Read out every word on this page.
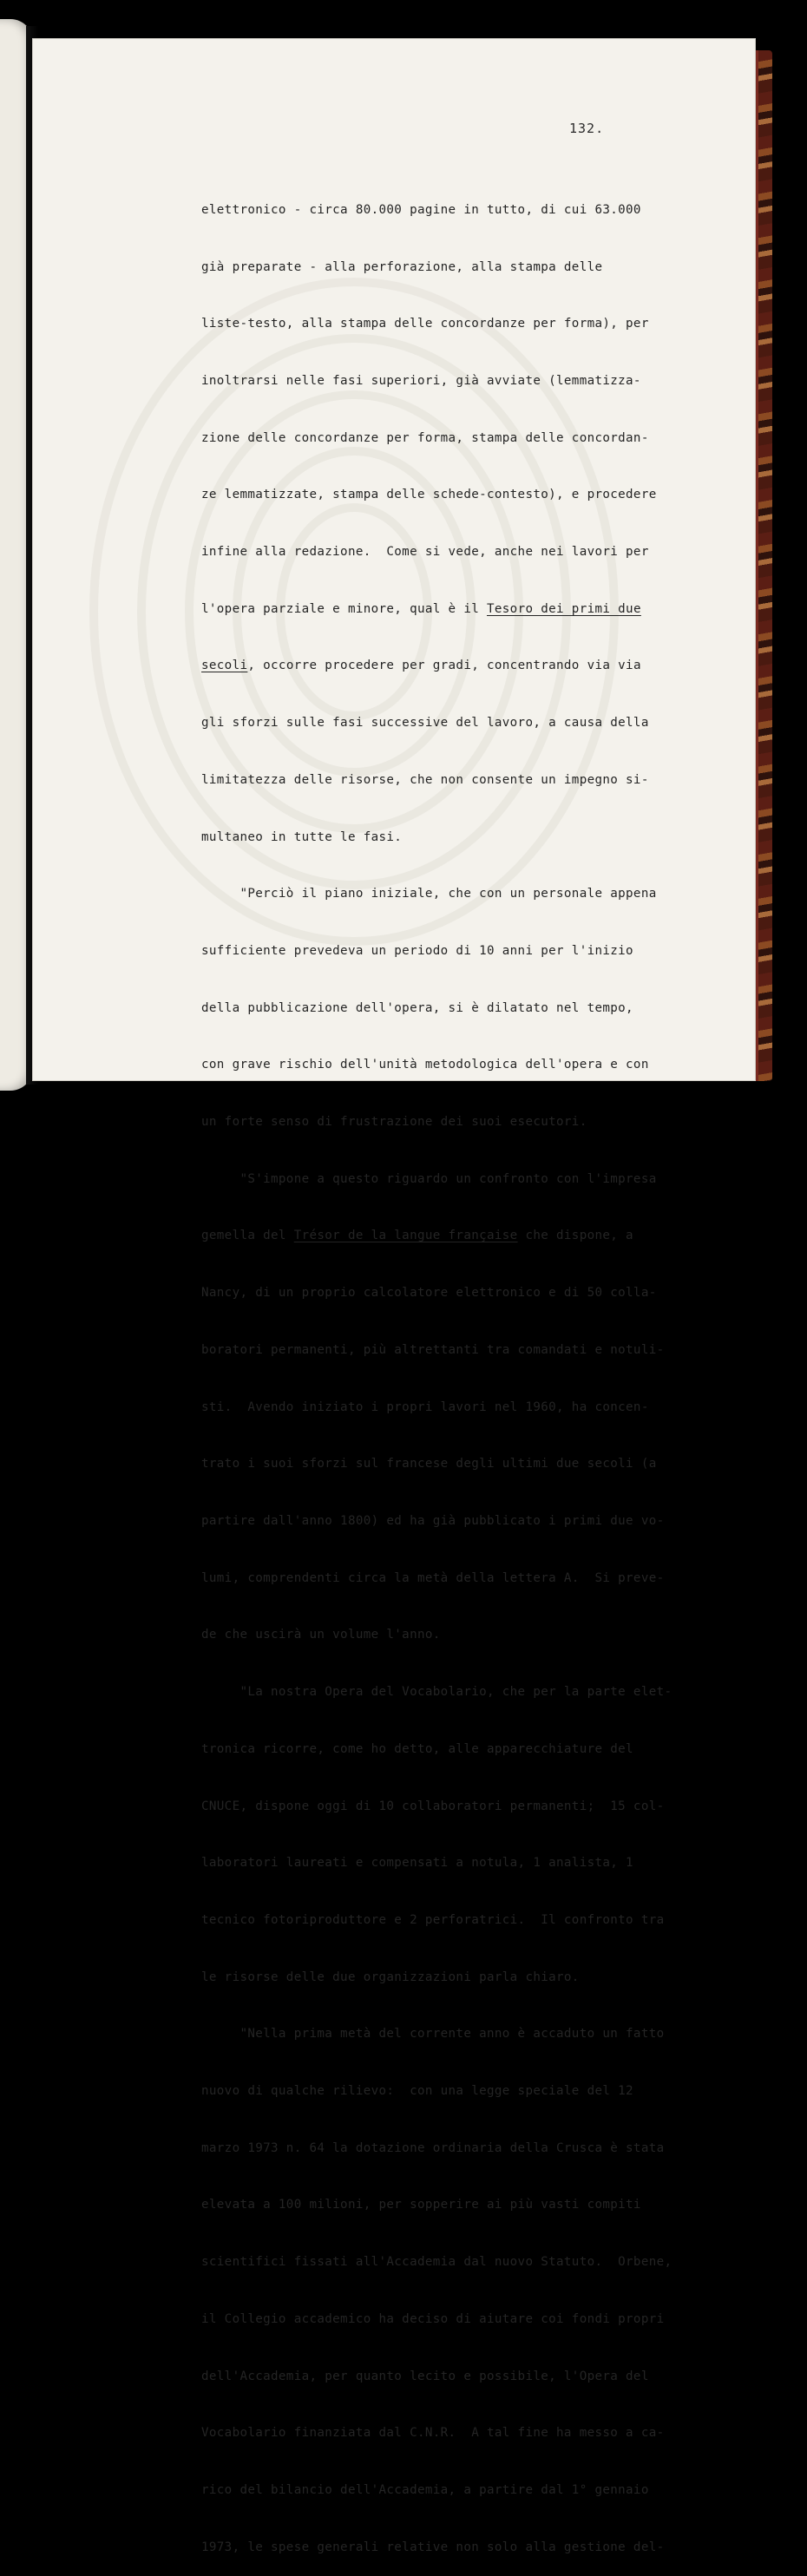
132.

elettronico - circa 80.000 pagine in tutto, di cui 63.000

già preparate - alla perforazione, alla stampa delle

liste-testo, alla stampa delle concordanze per forma), per

inoltrarsi nelle fasi superiori, già avviate (lemmatizza-

zione delle concordanze per forma, stampa delle concordan-

ze lemmatizzate, stampa delle schede-contesto), e procedere

infine alla redazione.  Come si vede, anche nei lavori per

l'opera parziale e minore, qual è il Tesoro dei primi due

secoli, occorre procedere per gradi, concentrando via via

gli sforzi sulle fasi successive del lavoro, a causa della

limitatezza delle risorse, che non consente un impegno si-

multaneo in tutte le fasi.

"Perciò il piano iniziale, che con un personale appena

sufficiente prevedeva un periodo di 10 anni per l'inizio

della pubblicazione dell'opera, si è dilatato nel tempo,

con grave rischio dell'unità metodologica dell'opera e con

un forte senso di frustrazione dei suoi esecutori.

"S'impone a questo riguardo un confronto con l'impresa

gemella del Trésor de la langue française che dispone, a

Nancy, di un proprio calcolatore elettronico e di 50 colla-

boratori permanenti, più altrettanti tra comandati e notuli-

sti.  Avendo iniziato i propri lavori nel 1960, ha concen-

trato i suoi sforzi sul francese degli ultimi due secoli (a

partire dall'anno 1800) ed ha già pubblicato i primi due vo-

lumi, comprendenti circa la metà della lettera A.  Si preve-

de che uscirà un volume l'anno.

"La nostra Opera del Vocabolario, che per la parte elet-

tronica ricorre, come ho detto, alle apparecchiature del

CNUCE, dispone oggi di 10 collaboratori permanenti;  15 col-

laboratori laureati e compensati a notula, 1 analista, 1

tecnico fotoriproduttore e 2 perforatrici.  Il confronto tra

le risorse delle due organizzazioni parla chiaro.

"Nella prima metà del corrente anno è accaduto un fatto

nuovo di qualche rilievo:  con una legge speciale del 12

marzo 1973 n. 64 la dotazione ordinaria della Crusca è stata

elevata a 100 milioni, per sopperire ai più vasti compiti

scientifici fissati all'Accademia dal nuovo Statuto.  Orbene,

il Collegio accademico ha deciso di aiutare coi fondi propri

dell'Accademia, per quanto lecito e possibile, l'Opera del

Vocabolario finanziata dal C.N.R.  A tal fine ha messo a ca-

rico del bilancio dell'Accademia, a partire dal 1° gennaio

1973, le spese generali relative non solo alla gestione del-
